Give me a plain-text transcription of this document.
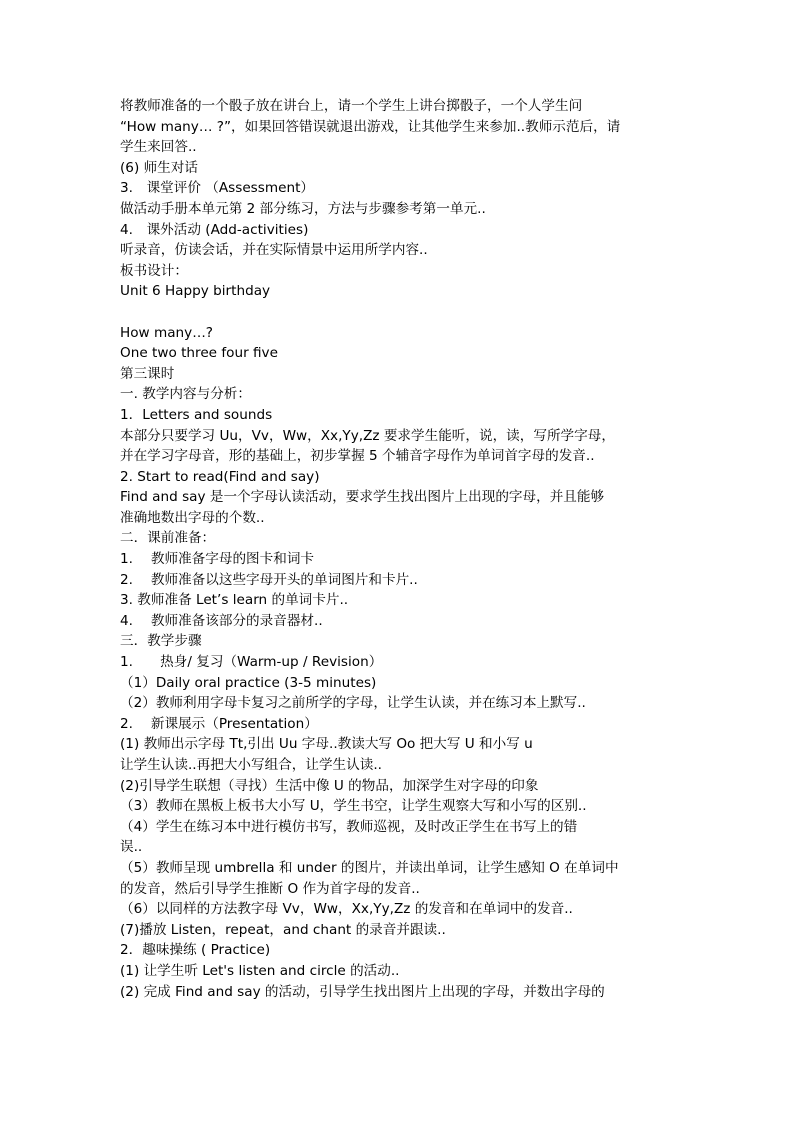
将教师准备的一个骰子放在讲台上，请一个学生上讲台掷骰子，一个人学生问
“How many… ?”，如果回答错误就退出游戏，让其他学生来参加..教师示范后，请
学生来回答..
(6) 师生对话
3.　课堂评价 （Assessment）
做活动手册本单元第 2 部分练习，方法与步骤参考第一单元..
4.　课外活动 (Add-activities)
听录音，仿读会话，并在实际情景中运用所学内容..
板书设计：
Unit 6 Happy birthday
How many…?
One two three four five
第三课时
一. 教学内容与分析：
1．Letters and sounds
本部分只要学习 Uu，Vv，Ww，Xx,Yy,Zz 要求学生能听，说，读，写所学字母，
并在学习字母音，形的基础上，初步掌握 5 个辅音字母作为单词首字母的发音..
2. Start to read(Find and say)
Find and say 是一个字母认读活动，要求学生找出图片上出现的字母，并且能够
准确地数出字母的个数..
二．课前准备：
1.　 教师准备字母的图卡和词卡
2.　 教师准备以这些字母开头的单词图片和卡片..
3. 教师准备 Let’s learn 的单词卡片..
4.　 教师准备该部分的录音器材..
三．教学步骤
1.　　热身/ 复习（Warm-up / Revision）
（1）Daily oral practice (3-5 minutes)
（2）教师利用字母卡复习之前所学的字母，让学生认读，并在练习本上默写..
2.　 新课展示（Presentation）
(1) 教师出示字母 Tt,引出 Uu 字母..教读大写 Oo 把大写 U 和小写 u
让学生认读..再把大小写组合，让学生认读..
(2)引导学生联想（寻找）生活中像 U 的物品，加深学生对字母的印象
（3）教师在黑板上板书大小写 U，学生书空，让学生观察大写和小写的区别..
（4）学生在练习本中进行模仿书写，教师巡视，及时改正学生在书写上的错
误..
（5）教师呈现 umbrella 和 under 的图片，并读出单词，让学生感知 O 在单词中
的发音，然后引导学生推断 O 作为首字母的发音..
（6）以同样的方法教字母 Vv，Ww，Xx,Yy,Zz 的发音和在单词中的发音..
(7)播放 Listen，repeat，and chant 的录音并跟读..
2．趣味操练 ( Practice)
(1) 让学生听 Let's listen and circle 的活动..
(2) 完成 Find and say 的活动，引导学生找出图片上出现的字母，并数出字母的
